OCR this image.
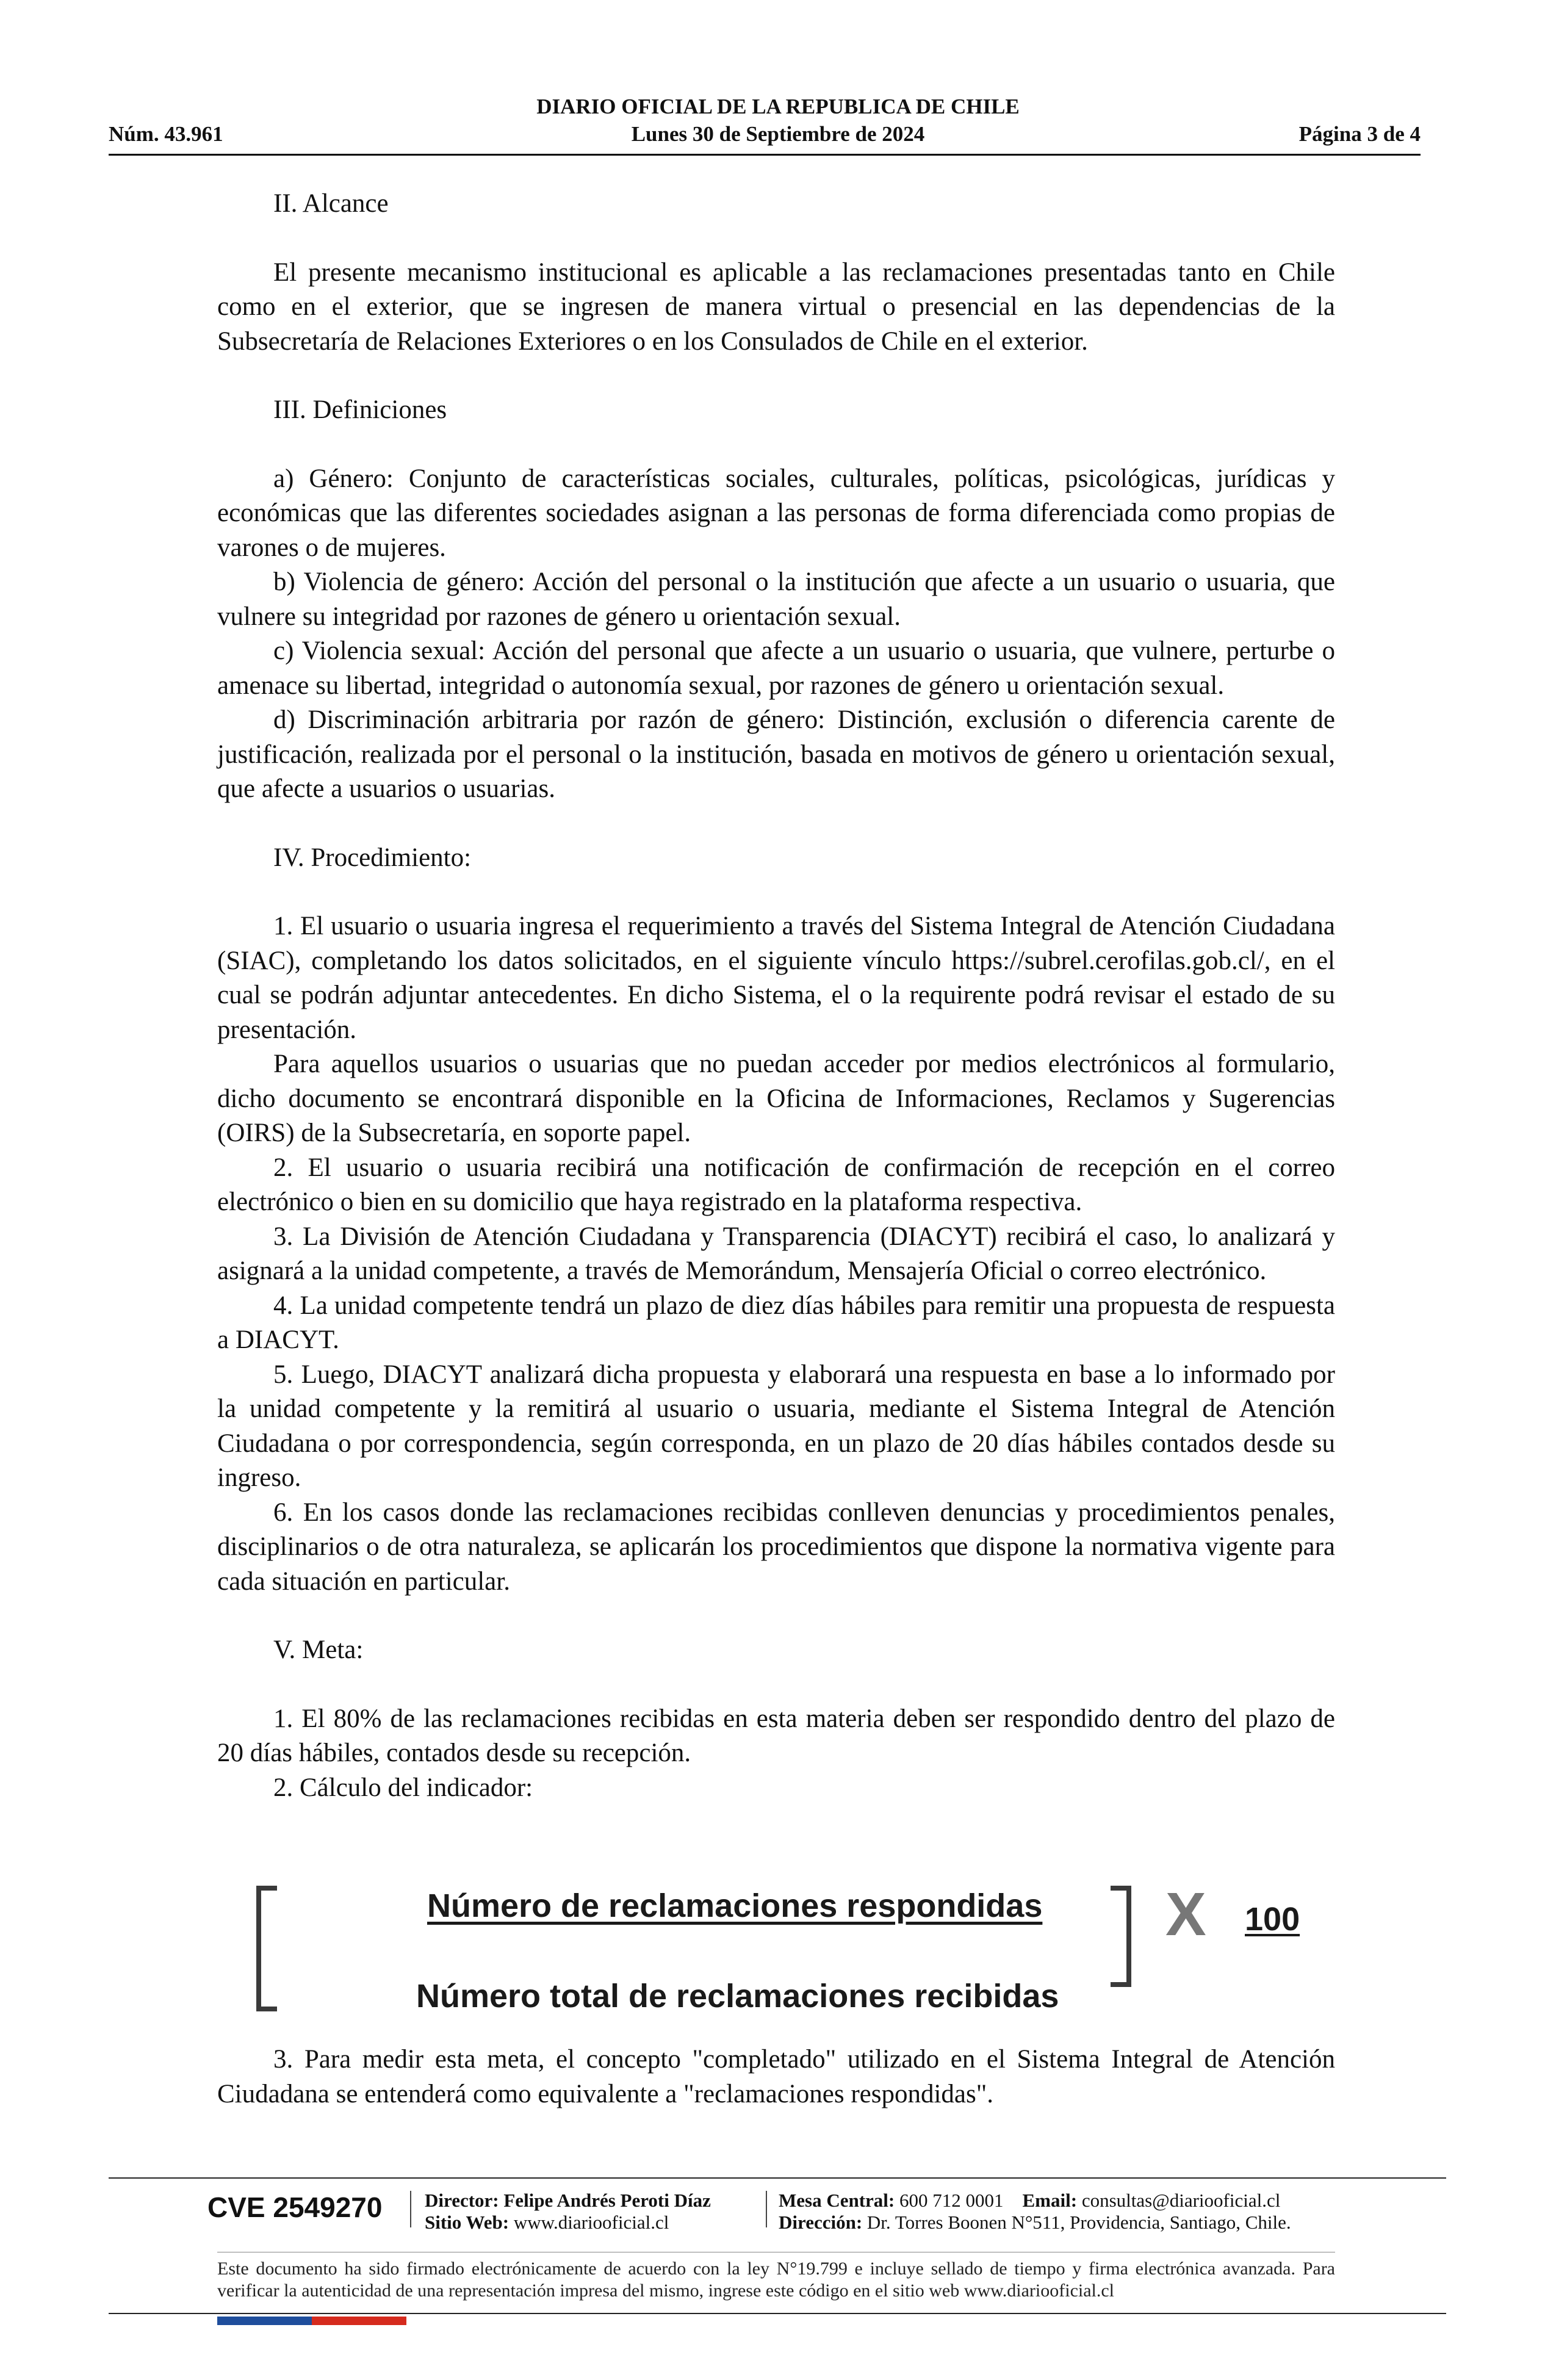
DIARIO OFICIAL DE LA REPUBLICA DE CHILE
Lunes 30 de Septiembre de 2024
Núm. 43.961	Página 3 de 4

II. Alcance

El presente mecanismo institucional es aplicable a las reclamaciones presentadas tanto en Chile como en el exterior, que se ingresen de manera virtual o presencial en las dependencias de la Subsecretaría de Relaciones Exteriores o en los Consulados de Chile en el exterior.

III. Definiciones

a) Género: Conjunto de características sociales, culturales, políticas, psicológicas, jurídicas y económicas que las diferentes sociedades asignan a las personas de forma diferenciada como propias de varones o de mujeres.

b) Violencia de género: Acción del personal o la institución que afecte a un usuario o usuaria, que vulnere su integridad por razones de género u orientación sexual.

c) Violencia sexual: Acción del personal que afecte a un usuario o usuaria, que vulnere, perturbe o amenace su libertad, integridad o autonomía sexual, por razones de género u orientación sexual.

d) Discriminación arbitraria por razón de género: Distinción, exclusión o diferencia carente de justificación, realizada por el personal o la institución, basada en motivos de género u orientación sexual, que afecte a usuarios o usuarias.

IV. Procedimiento:

1. El usuario o usuaria ingresa el requerimiento a través del Sistema Integral de Atención Ciudadana (SIAC), completando los datos solicitados, en el siguiente vínculo https://subrel.cerofilas.gob.cl/, en el cual se podrán adjuntar antecedentes. En dicho Sistema, el o la requirente podrá revisar el estado de su presentación.

Para aquellos usuarios o usuarias que no puedan acceder por medios electrónicos al formulario, dicho documento se encontrará disponible en la Oficina de Informaciones, Reclamos y Sugerencias (OIRS) de la Subsecretaría, en soporte papel.

2. El usuario o usuaria recibirá una notificación de confirmación de recepción en el correo electrónico o bien en su domicilio que haya registrado en la plataforma respectiva.

3. La División de Atención Ciudadana y Transparencia (DIACYT) recibirá el caso, lo analizará y asignará a la unidad competente, a través de Memorándum, Mensajería Oficial o correo electrónico.

4. La unidad competente tendrá un plazo de diez días hábiles para remitir una propuesta de respuesta a DIACYT.

5. Luego, DIACYT analizará dicha propuesta y elaborará una respuesta en base a lo informado por la unidad competente y la remitirá al usuario o usuaria, mediante el Sistema Integral de Atención Ciudadana o por correspondencia, según corresponda, en un plazo de 20 días hábiles contados desde su ingreso.

6. En los casos donde las reclamaciones recibidas conlleven denuncias y procedimientos penales, disciplinarios o de otra naturaleza, se aplicarán los procedimientos que dispone la normativa vigente para cada situación en particular.

V. Meta:

1. El 80% de las reclamaciones recibidas en esta materia deben ser respondido dentro del plazo de 20 días hábiles, contados desde su recepción.

2. Cálculo del indicador:

Número de reclamaciones respondidas
Número total de reclamaciones recibidas
X 100

3. Para medir esta meta, el concepto "completado" utilizado en el Sistema Integral de Atención Ciudadana se entenderá como equivalente a "reclamaciones respondidas".

CVE 2549270 Director: Felipe Andrés Peroti Díaz
Sitio Web: www.diariooficial.cl
Mesa Central: 600 712 0001 Email: consultas@diariooficial.cl
Dirección: Dr. Torres Boonen N°511, Providencia, Santiago, Chile.
Este documento ha sido firmado electrónicamente de acuerdo con la ley N°19.799 e incluye sellado de tiempo y firma electrónica avanzada. Para verificar la autenticidad de una representación impresa del mismo, ingrese este código en el sitio web www.diariooficial.cl
